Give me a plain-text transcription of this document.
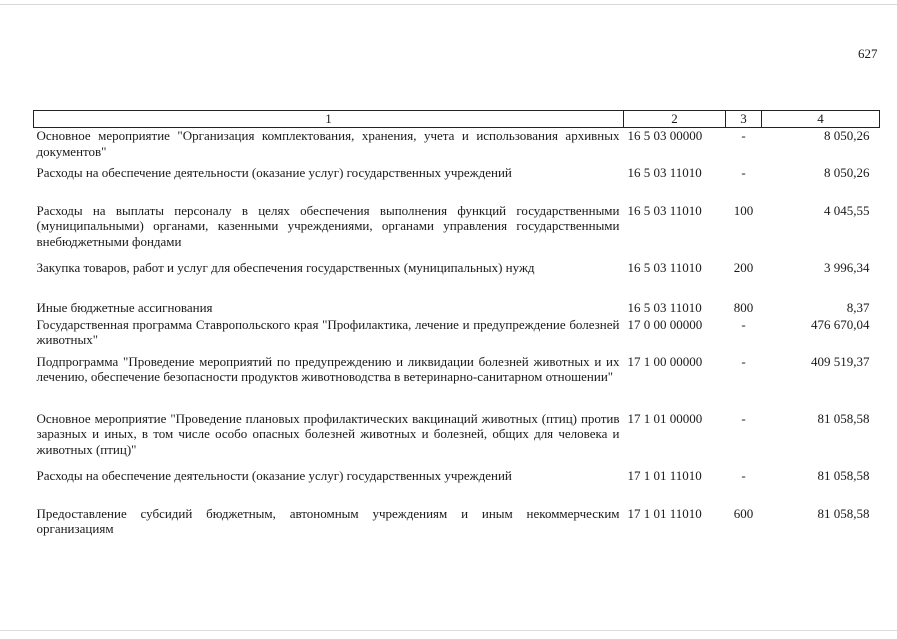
627
1	2	3	4
Основное мероприятие "Организация комплектования, хранения, учета и использования архивных документов"	16 5 03 00000	-	8 050,26
Расходы на обеспечение деятельности (оказание услуг) государственных учреждений	16 5 03 11010	-	8 050,26
Расходы на выплаты персоналу в целях обеспечения выполнения функций государственными (муниципальными) органами, казенными учреждениями, органами управления государственными внебюджетными фондами	16 5 03 11010	100	4 045,55
Закупка товаров, работ и услуг для обеспечения государственных (муниципальных) нужд	16 5 03 11010	200	3 996,34
Иные бюджетные ассигнования	16 5 03 11010	800	8,37
Государственная программа Ставропольского края "Профилактика, лечение и предупреждение болезней животных"	17 0 00 00000	-	476 670,04
Подпрограмма "Проведение мероприятий по предупреждению и ликвидации болезней животных и их лечению, обеспечение безопасности продуктов животноводства в ветеринарно-санитарном отношении"	17 1 00 00000	-	409 519,37
Основное мероприятие "Проведение плановых профилактических вакцинаций животных (птиц) против заразных и иных, в том числе особо опасных болезней животных и болезней, общих для человека и животных (птиц)"	17 1 01 00000	-	81 058,58
Расходы на обеспечение деятельности (оказание услуг) государственных учреждений	17 1 01 11010	-	81 058,58
Предоставление субсидий бюджетным, автономным учреждениям и иным некоммерческим организациям	17 1 01 11010	600	81 058,58
